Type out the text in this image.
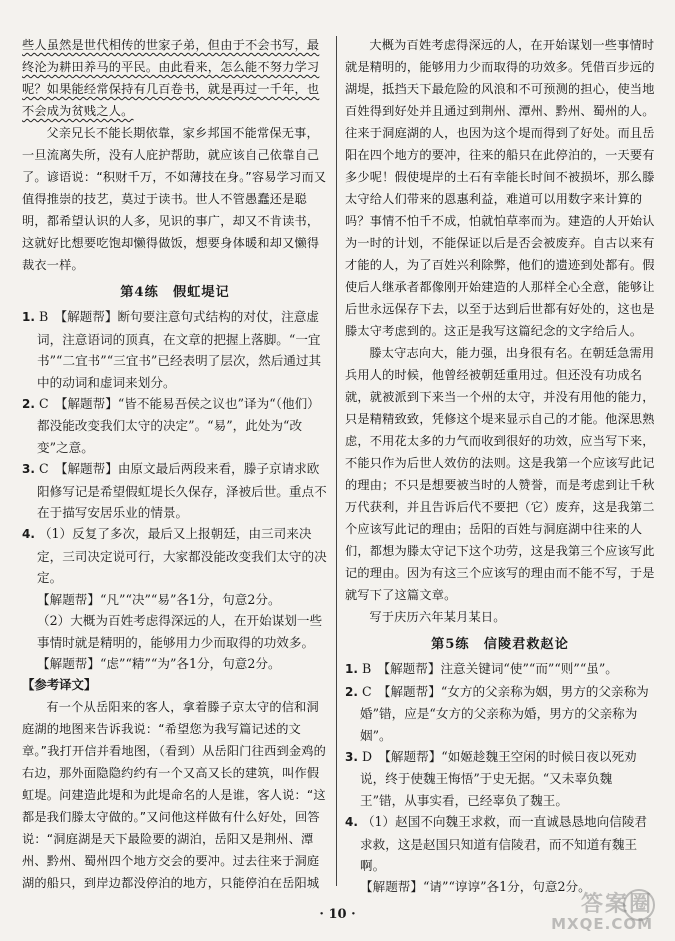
些人虽然是世代相传的世家子弟，但由于不会书写，最终沦为耕田养马的平民。由此看来，怎么能不努力学习呢？如果能经常保持有几百卷书，就是再过一千年，也不会成为贫贱之人。

父亲兄长不能长期依靠，家乡邦国不能常保无事，一旦流离失所，没有人庇护帮助，就应该自己依靠自己了。谚语说：“积财千万，不如薄技在身。”容易学习而又值得推崇的技艺，莫过于读书。世人不管愚蠢还是聪明，都希望认识的人多，见识的事广，却又不肯读书，这就好比想要吃饱却懒得做饭，想要身体暖和却又懒得裁衣一样。

第4练　假虹堤记

1. B　【解题帮】断句要注意句式结构的对仗，注意虚词，注意语词的顶真，在文章的把握上落脚。“一宜书”“二宜书”“三宜书”已经表明了层次，然后通过其中的动词和虚词来划分。

2. C　【解题帮】“皆不能易吾侯之议也”译为“（他们）都没能改变我们太守的决定”。“易”，此处为“改变”之意。

3. C　【解题帮】由原文最后两段来看，滕子京请求欧阳修写记是希望假虹堤长久保存，泽被后世。重点不在于描写安居乐业的情景。

4. （1）反复了多次，最后又上报朝廷，由三司来决定，三司决定说可行，大家都没能改变我们太守的决定。

【解题帮】“凡”“决”“易”各1分，句意2分。

（2）大概为百姓考虑得深远的人，在开始谋划一些事情时就是精明的，能够用力少而取得的功效多。

【解题帮】“虑”“精”“为”各1分，句意2分。

【参考译文】

有一个从岳阳来的客人，拿着滕子京太守的信和洞庭湖的地图来告诉我说：“希望您为我写篇记述的文章。”我打开信并看地图，（看到）从岳阳门往西到金鸡的右边，那外面隐隐约约有一个又高又长的建筑，叫作假虹堤。问建造此堤和为此堤命名的人是谁，客人说：“这都是我们滕太守做的。”又问他这样做有什么好处，回答说：“洞庭湖是天下最险要的湖泊，岳阳又是荆州、潭州、黔州、蜀州四个地方交会的要冲。过去往来于洞庭湖的船只，到岸边都没停泊的地方，只能停泊在岳阳城

大概为百姓考虑得深远的人，在开始谋划一些事情时就是精明的，能够用力少而取得的功效多。凭借百步远的湖堤，抵挡天下最危险的风浪和不可预测的担心，使当地百姓得到好处并且通过到荆州、潭州、黔州、蜀州的人。往来于洞庭湖的人，也因为这个堤而得到了好处。而且岳阳在四个地方的要冲，往来的船只在此停泊的，一天要有多少呢！假使堤岸的土石有幸能长时间不被损坏，那么滕太守给人们带来的恩惠利益，难道可以用数字来计算的吗？事情不怕千不成，怕就怕草率而为。建造的人开始认为一时的计划，不能保证以后是否会被废弃。自古以来有才能的人，为了百姓兴利除弊，他们的遗迹到处都有。假使后人继承者都像刚开始建造的人那样全心全意，能够让后世永远保存下去，以至于达到后世都有好处的，这也是滕太守考虑到的。这正是我写这篇纪念的文字给后人。

滕太守志向大，能力强，出身很有名。在朝廷急需用兵用人的时候，他曾经被朝廷重用过。但还没有功成名就，就被派到下来当一个州的太守，并没有用他的能力，只是精精致致，凭修这个堤来显示自己的才能。他深思熟虑，不用花太多的力气而收到很好的功效，应当写下来，不能只作为后世人效仿的法则。这是我第一个应该写此记的理由；不只是想要被当时的人赞誉，而是考虑到让千秋万代获利，并且告诉后代不要把（它）废弃，这是我第二个应该写此记的理由；岳阳的百姓与洞庭湖中往来的人们，都想为滕太守记下这个功劳，这是我第三个应该写此记的理由。因为有这三个应该写的理由而不能不写，于是就写下了这篇文章。

写于庆历六年某月某日。

第5练　信陵君救赵论

1. B　【解题帮】注意关键词“使”“而”“则”“虽”。

2. C　【解题帮】“女方的父亲称为姻，男方的父亲称为婚”错，应是“女方的父亲称为婚，男方的父亲称为姻”。

3. D　【解题帮】“如姬趁魏王空闲的时候日夜以死劝说，终于使魏王悔悟”于史无据。“又未辜负魏王”错，从事实看，已经辜负了魏王。

4. （1）赵国不向魏王求救，而一直诚恳恳地向信陵君求救，这是赵国只知道有信陵君，而不知道有魏王啊。

【解题帮】“请”“谆谆”各1分，句意2分。

· 10 ·	答案圈
MXQE.COM
